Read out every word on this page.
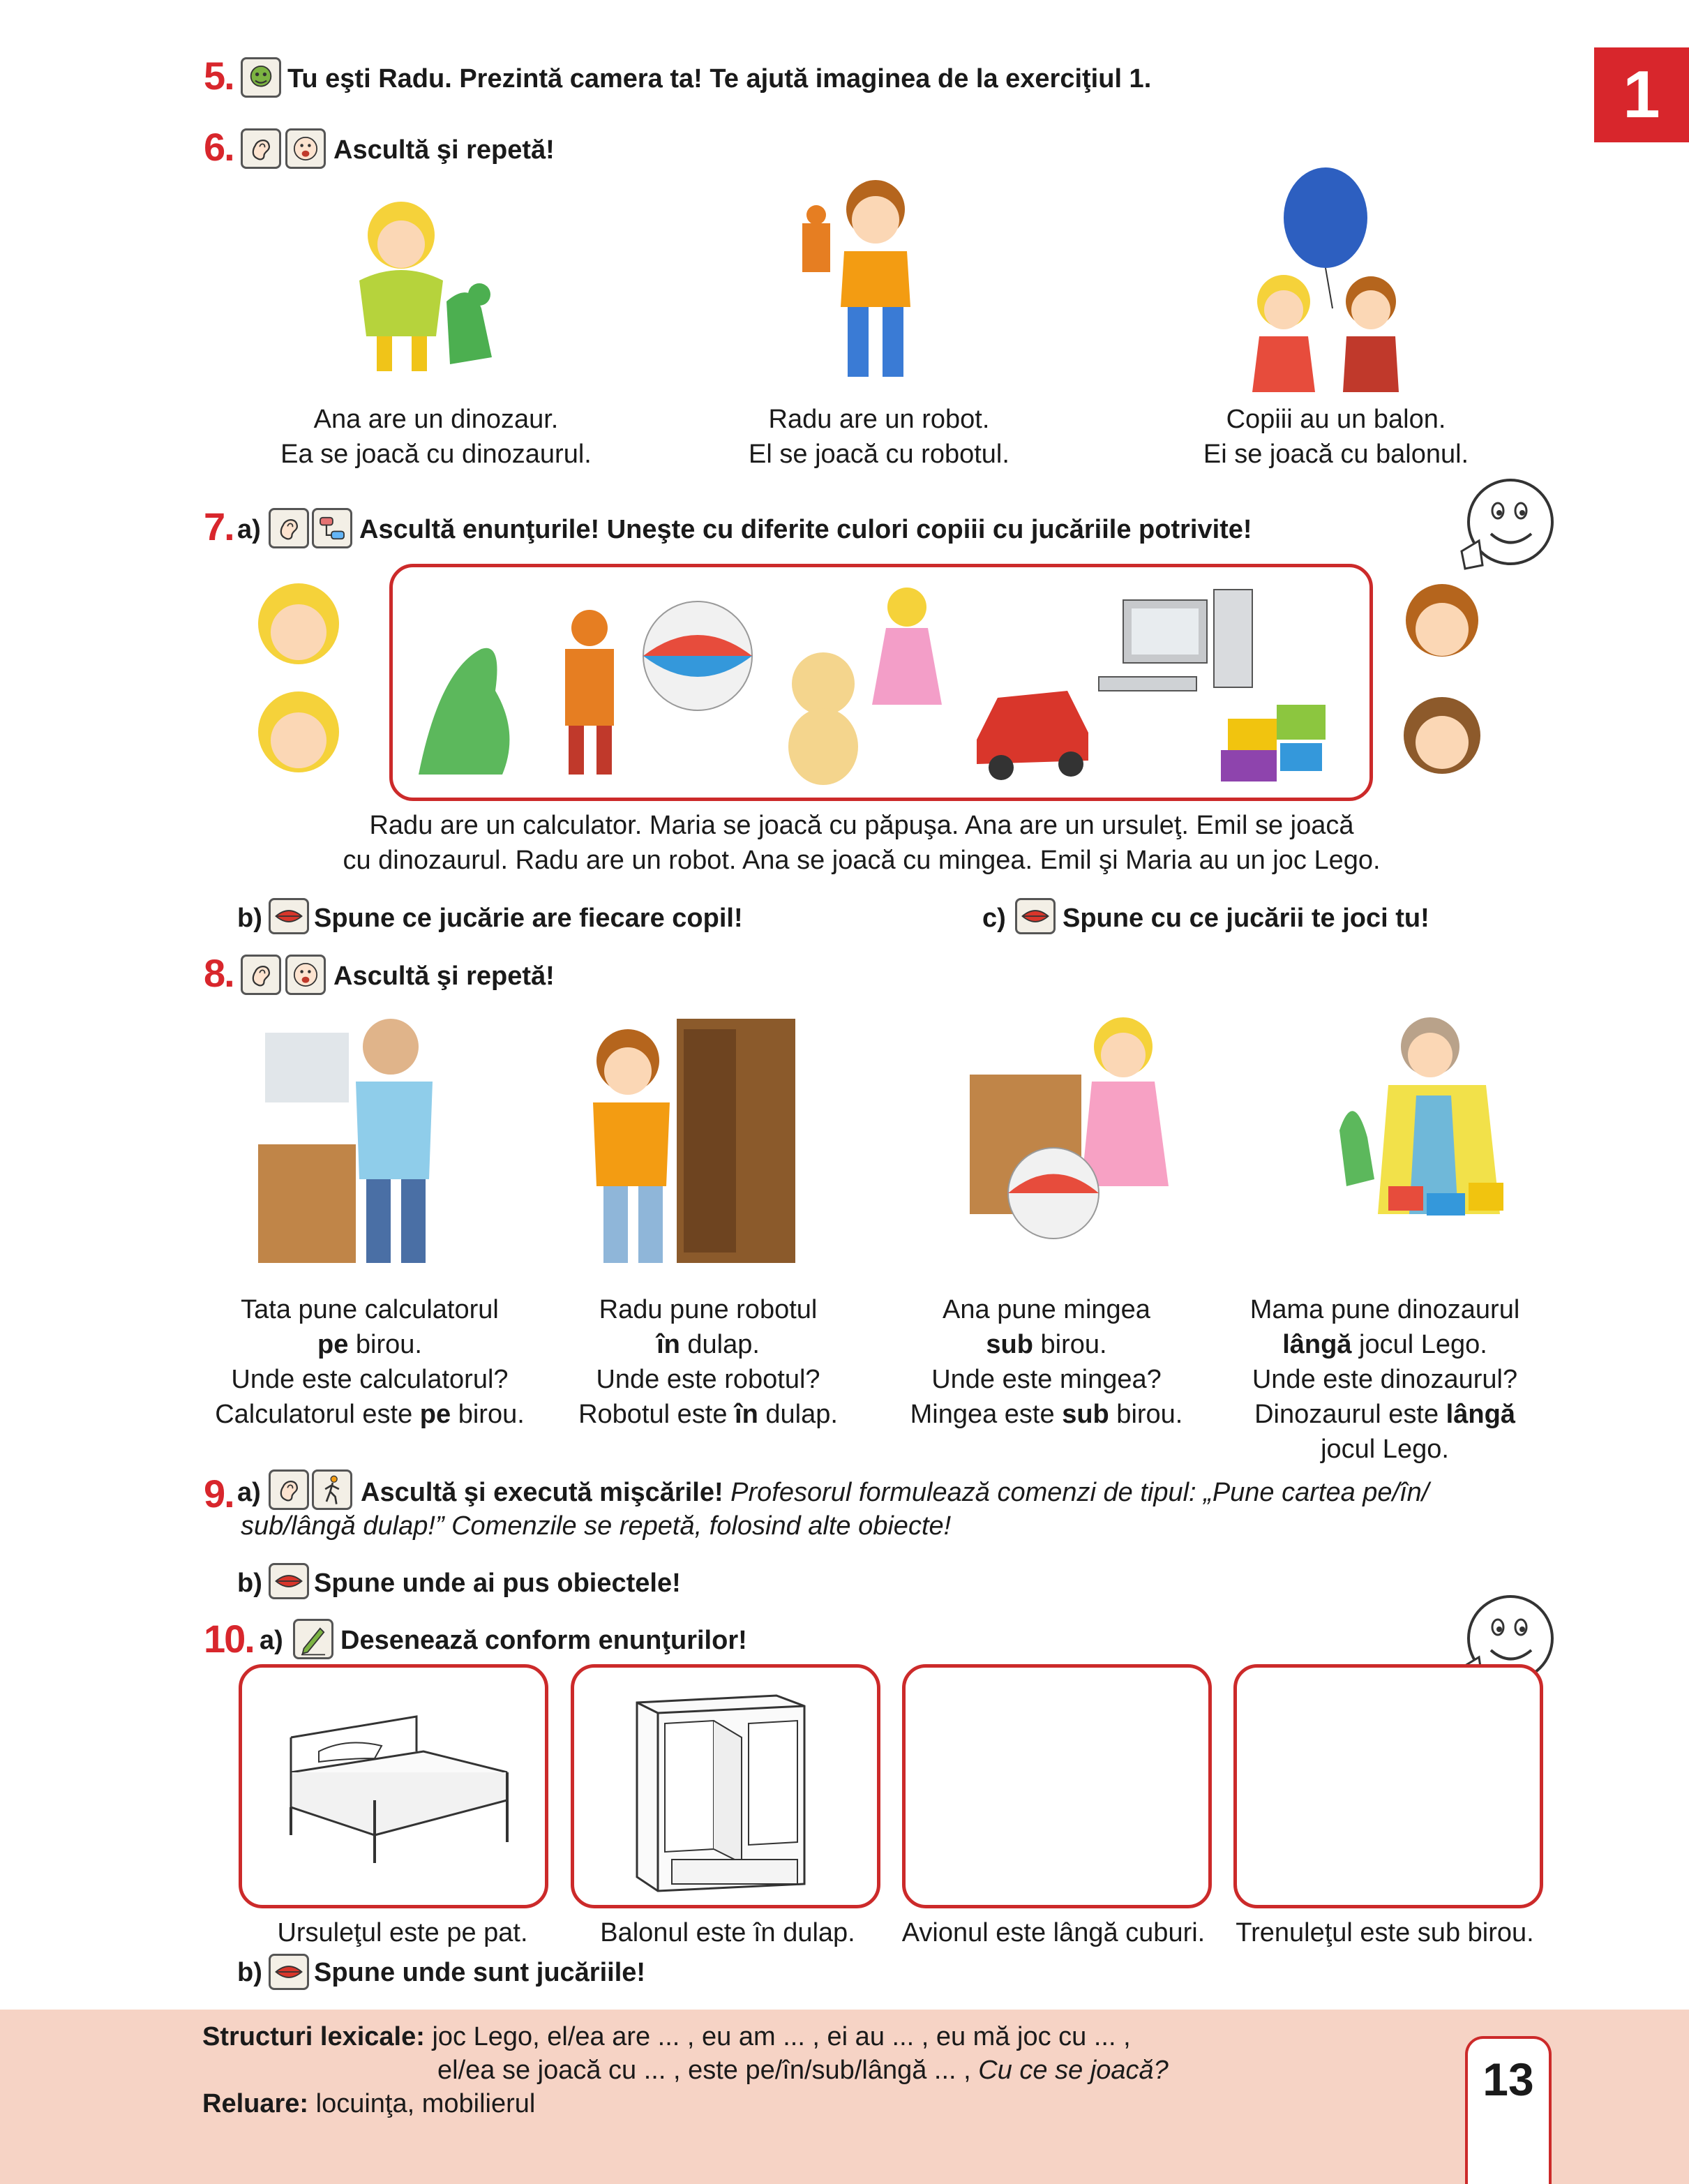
1
5. Tu eşti Radu. Prezintă camera ta! Te ajută imaginea de la exerciţiul 1.
6.	Ascultă şi repetă!
Ana are un dinozaur.
Ea se joacă cu dinozaurul.
Radu are un robot.
El se joacă cu robotul.
Copiii au un balon.
Ei se joacă cu balonul.
7. a)	Ascultă enunţurile! Uneşte cu diferite culori copiii cu jucăriile potrivite!
Radu are un calculator. Maria se joacă cu păpuşa. Ana are un ursuleţ. Emil se joacă
cu dinozaurul. Radu are un robot. Ana se joacă cu mingea. Emil şi Maria au un joc Lego.
b) Spune ce jucărie are fiecare copil!	c) Spune cu ce jucării te joci tu!
8.	Ascultă şi repetă!
Tata pune calculatorul
pe birou.
Unde este calculatorul?
Calculatorul este pe birou.
Radu pune robotul
în dulap.
Unde este robotul?
Robotul este în dulap.
Ana pune mingea
sub birou.
Unde este mingea?
Mingea este sub birou.
Mama pune dinozaurul
lângă jocul Lego.
Unde este dinozaurul?
Dinozaurul este lângă
jocul Lego.
9. a)	Ascultă şi execută mişcările! Profesorul formulează comenzi de tipul: „Pune cartea pe/în/
sub/lângă dulap!” Comenzile se repetă, folosind alte obiecte!
b) Spune unde ai pus obiectele!
10. a) Desenează conform enunţurilor!
Ursuleţul este pe pat.	Balonul este în dulap.	Avionul este lângă cuburi.	Trenuleţul este sub birou.
b) Spune unde sunt jucăriile!
Structuri lexicale: joc Lego, el/ea are ... , eu am ... , ei au ... , eu mă joc cu ... ,
el/ea se joacă cu ... , este pe/în/sub/lângă ... , Cu ce se joacă?
Reluare: locuinţa, mobilierul	13
